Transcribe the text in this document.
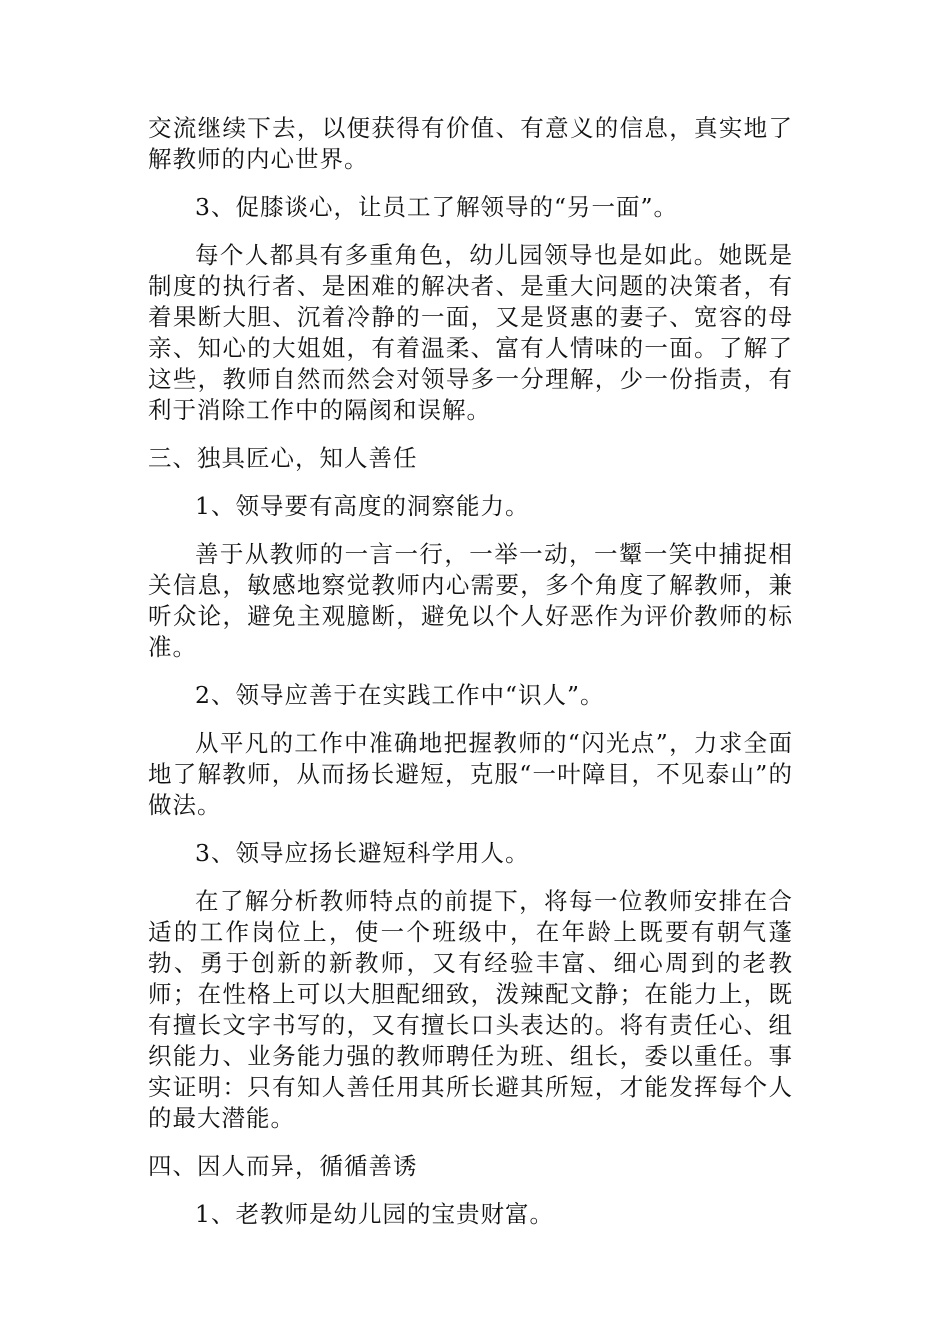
交流继续下去，以便获得有价值、有意义的信息，真实地了解教师的内心世界。

3、促膝谈心，让员工了解领导的“另一面”。

每个人都具有多重角色，幼儿园领导也是如此。她既是制度的执行者、是困难的解决者、是重大问题的决策者，有着果断大胆、沉着冷静的一面，又是贤惠的妻子、宽容的母亲、知心的大姐姐，有着温柔、富有人情味的一面。了解了这些，教师自然而然会对领导多一分理解，少一份指责，有利于消除工作中的隔阂和误解。

三、独具匠心，知人善任

1、领导要有高度的洞察能力。

善于从教师的一言一行，一举一动，一颦一笑中捕捉相关信息，敏感地察觉教师内心需要，多个角度了解教师，兼听众论，避免主观臆断，避免以个人好恶作为评价教师的标准。

2、领导应善于在实践工作中“识人”。

从平凡的工作中准确地把握教师的“闪光点”，力求全面地了解教师，从而扬长避短，克服“一叶障目，不见泰山”的做法。

3、领导应扬长避短科学用人。

在了解分析教师特点的前提下，将每一位教师安排在合适的工作岗位上，使一个班级中，在年龄上既要有朝气蓬勃、勇于创新的新教师，又有经验丰富、细心周到的老教师；在性格上可以大胆配细致，泼辣配文静；在能力上，既有擅长文字书写的，又有擅长口头表达的。将有责任心、组织能力、业务能力强的教师聘任为班、组长，委以重任。事实证明：只有知人善任用其所长避其所短，才能发挥每个人的最大潜能。

四、因人而异，循循善诱

1、老教师是幼儿园的宝贵财富。
